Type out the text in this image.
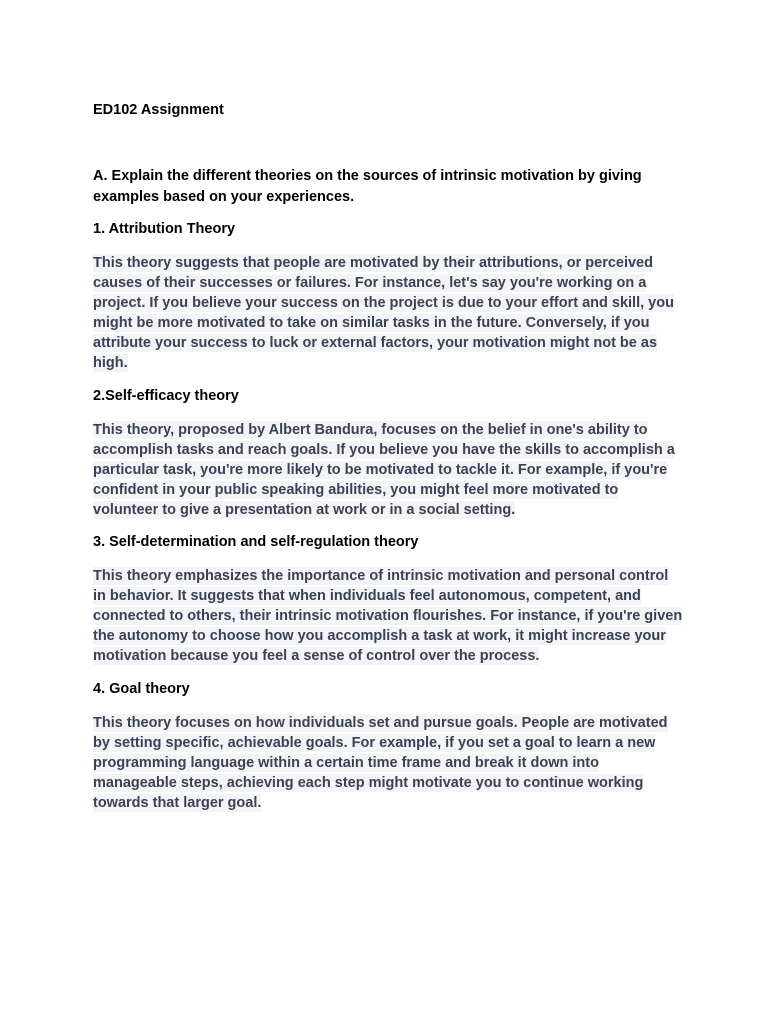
ED102 Assignment
A. Explain the different theories on the sources of intrinsic motivation by giving examples based on your experiences.
1. Attribution Theory

This theory suggests that people are motivated by their attributions, or perceived causes of their successes or failures. For instance, let's say you're working on a project. If you believe your success on the project is due to your effort and skill, you might be more motivated to take on similar tasks in the future. Conversely, if you attribute your success to luck or external factors, your motivation might not be as high.

2.Self-efficacy theory

This theory, proposed by Albert Bandura, focuses on the belief in one's ability to accomplish tasks and reach goals. If you believe you have the skills to accomplish a particular task, you're more likely to be motivated to tackle it. For example, if you're confident in your public speaking abilities, you might feel more motivated to volunteer to give a presentation at work or in a social setting.

3. Self-determination and self-regulation theory

This theory emphasizes the importance of intrinsic motivation and personal control in behavior. It suggests that when individuals feel autonomous, competent, and connected to others, their intrinsic motivation flourishes. For instance, if you're given the autonomy to choose how you accomplish a task at work, it might increase your motivation because you feel a sense of control over the process.

4. Goal theory

This theory focuses on how individuals set and pursue goals. People are motivated by setting specific, achievable goals. For example, if you set a goal to learn a new programming language within a certain time frame and break it down into manageable steps, achieving each step might motivate you to continue working towards that larger goal.
